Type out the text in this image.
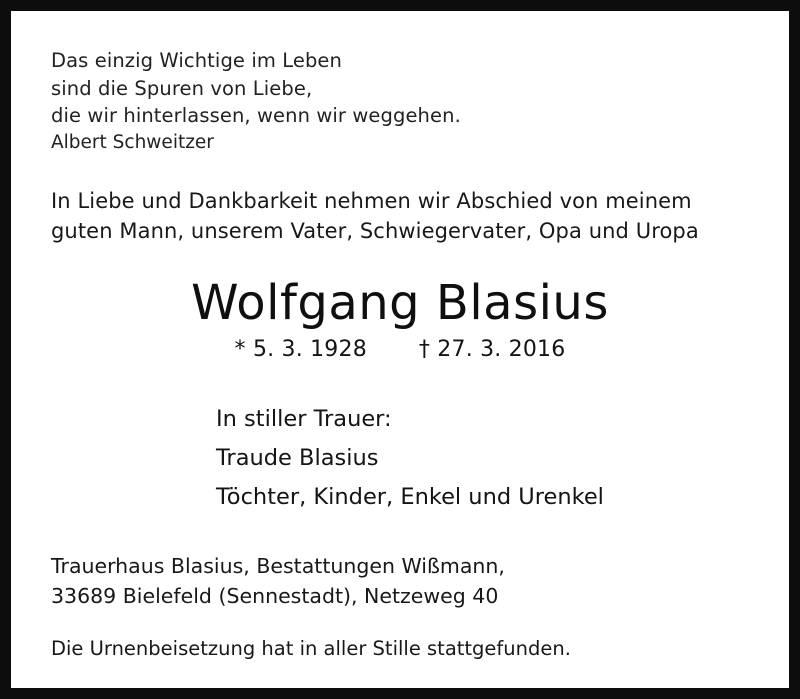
Das einzig Wichtige im Leben
sind die Spuren von Liebe,
die wir hinterlassen, wenn wir weggehen.
Albert Schweitzer
In Liebe und Dankbarkeit nehmen wir Abschied von meinem
guten Mann, unserem Vater, Schwiegervater, Opa und Uropa
Wolfgang Blasius
* 5. 3. 1928 † 27. 3. 2016
In stiller Trauer:
Traude Blasius
Töchter, Kinder, Enkel und Urenkel
Trauerhaus Blasius, Bestattungen Wißmann,
33689 Bielefeld (Sennestadt), Netzeweg 40
Die Urnenbeisetzung hat in aller Stille stattgefunden.
